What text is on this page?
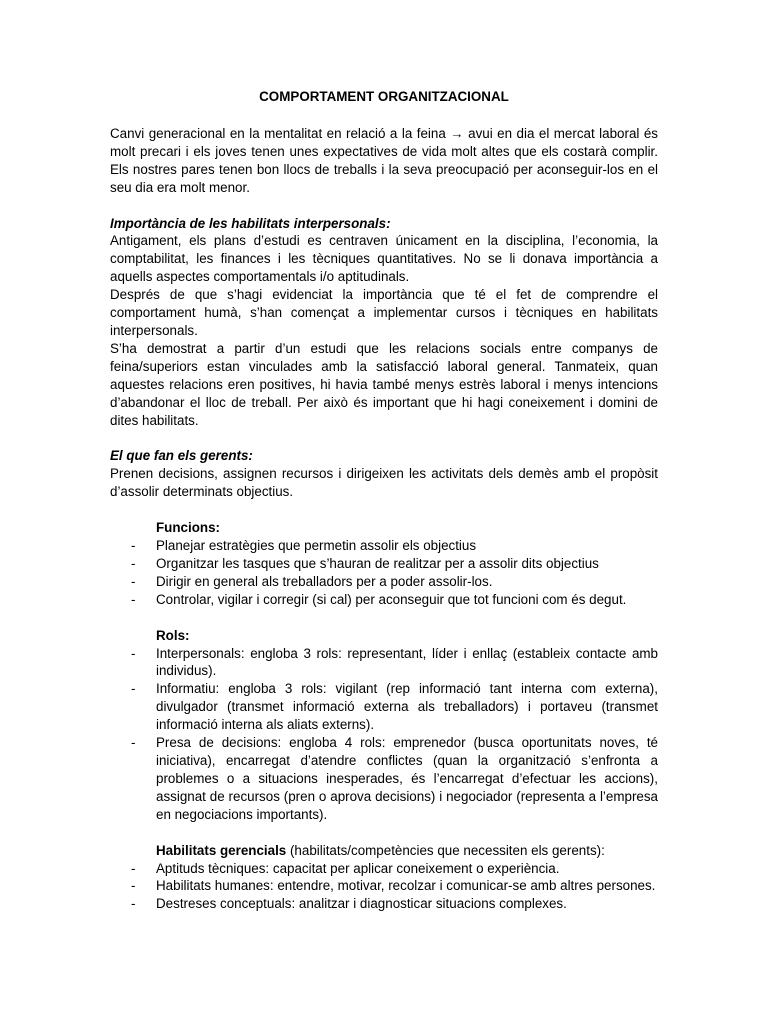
COMPORTAMENT ORGANITZACIONAL

Canvi generacional en la mentalitat en relació a la feina → avui en dia el mercat laboral és molt precari i els joves tenen unes expectatives de vida molt altes que els costarà complir. Els nostres pares tenen bon llocs de treballs i la seva preocupació per aconseguir-los en el seu dia era molt menor.

Importància de les habilitats interpersonals:

Antigament, els plans d’estudi es centraven únicament en la disciplina, l’economia, la comptabilitat, les finances i les tècniques quantitatives. No se li donava importància a aquells aspectes comportamentals i/o aptitudinals.

Després de que s’hagi evidenciat la importància que té el fet de comprendre el comportament humà, s’han començat a implementar cursos i tècniques en habilitats interpersonals.

S’ha demostrat a partir d’un estudi que les relacions socials entre companys de feina/superiors estan vinculades amb la satisfacció laboral general. Tanmateix, quan aquestes relacions eren positives, hi havia també menys estrès laboral i menys intencions d’abandonar el lloc de treball. Per això és important que hi hagi coneixement i domini de dites habilitats.

El que fan els gerents:

Prenen decisions, assignen recursos i dirigeixen les activitats dels demès amb el propòsit d’assolir determinats objectius.

Funcions:

- Planejar estratègies que permetin assolir els objectius
- Organitzar les tasques que s’hauran de realitzar per a assolir dits objectius
- Dirigir en general als treballadors per a poder assolir-los.
- Controlar, vigilar i corregir (si cal) per aconseguir que tot funcioni com és degut.

Rols:

- Interpersonals: engloba 3 rols: representant, líder i enllaç (estableix contacte amb individus).
- Informatiu: engloba 3 rols: vigilant (rep informació tant interna com externa), divulgador (transmet informació externa als treballadors) i portaveu (transmet informació interna als aliats externs).
- Presa de decisions: engloba 4 rols: emprenedor (busca oportunitats noves, té iniciativa), encarregat d’atendre conflictes (quan la organització s’enfronta a problemes o a situacions inesperades, és l’encarregat d’efectuar les accions), assignat de recursos (pren o aprova decisions) i negociador (representa a l’empresa en negociacions importants).

Habilitats gerencials (habilitats/competències que necessiten els gerents):

- Aptituds tècniques: capacitat per aplicar coneixement o experiència.
- Habilitats humanes: entendre, motivar, recolzar i comunicar-se amb altres persones.
- Destreses conceptuals: analitzar i diagnosticar situacions complexes.
